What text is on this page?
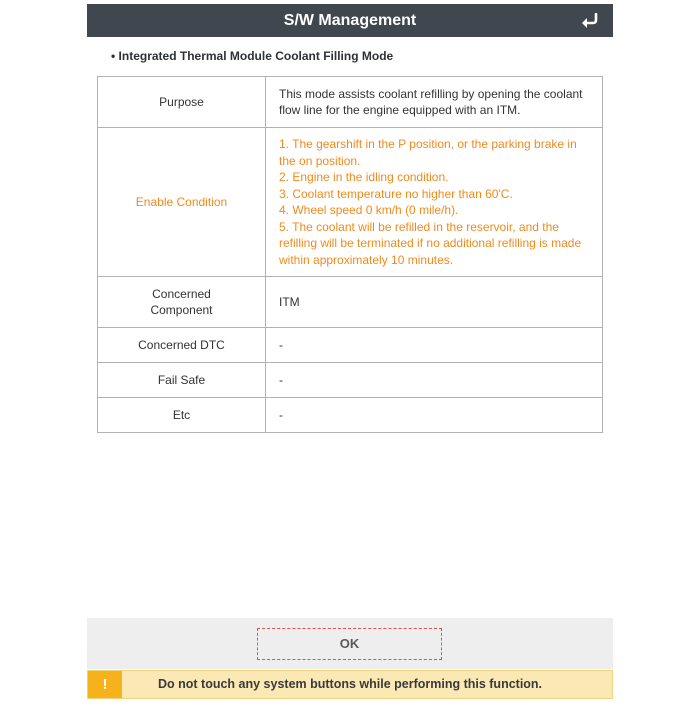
S/W Management
• Integrated Thermal Module Coolant Filling Mode
Purpose	This mode assists coolant refilling by opening the coolant flow line for the engine equipped with an ITM.
Enable Condition	1. The gearshift in the P position, or the parking brake in the on position.
2. Engine in the idling condition.
3. Coolant temperature no higher than 60'C.
4. Wheel speed 0 km/h (0 mile/h).
5. The coolant will be refilled in the reservoir, and the refilling will be terminated if no additional refilling is made within approximately 10 minutes.

Concerned
Component	ITM
Concerned DTC	-
Fail Safe	-
Etc	-
OK
!	Do not touch any system buttons while performing this function.
